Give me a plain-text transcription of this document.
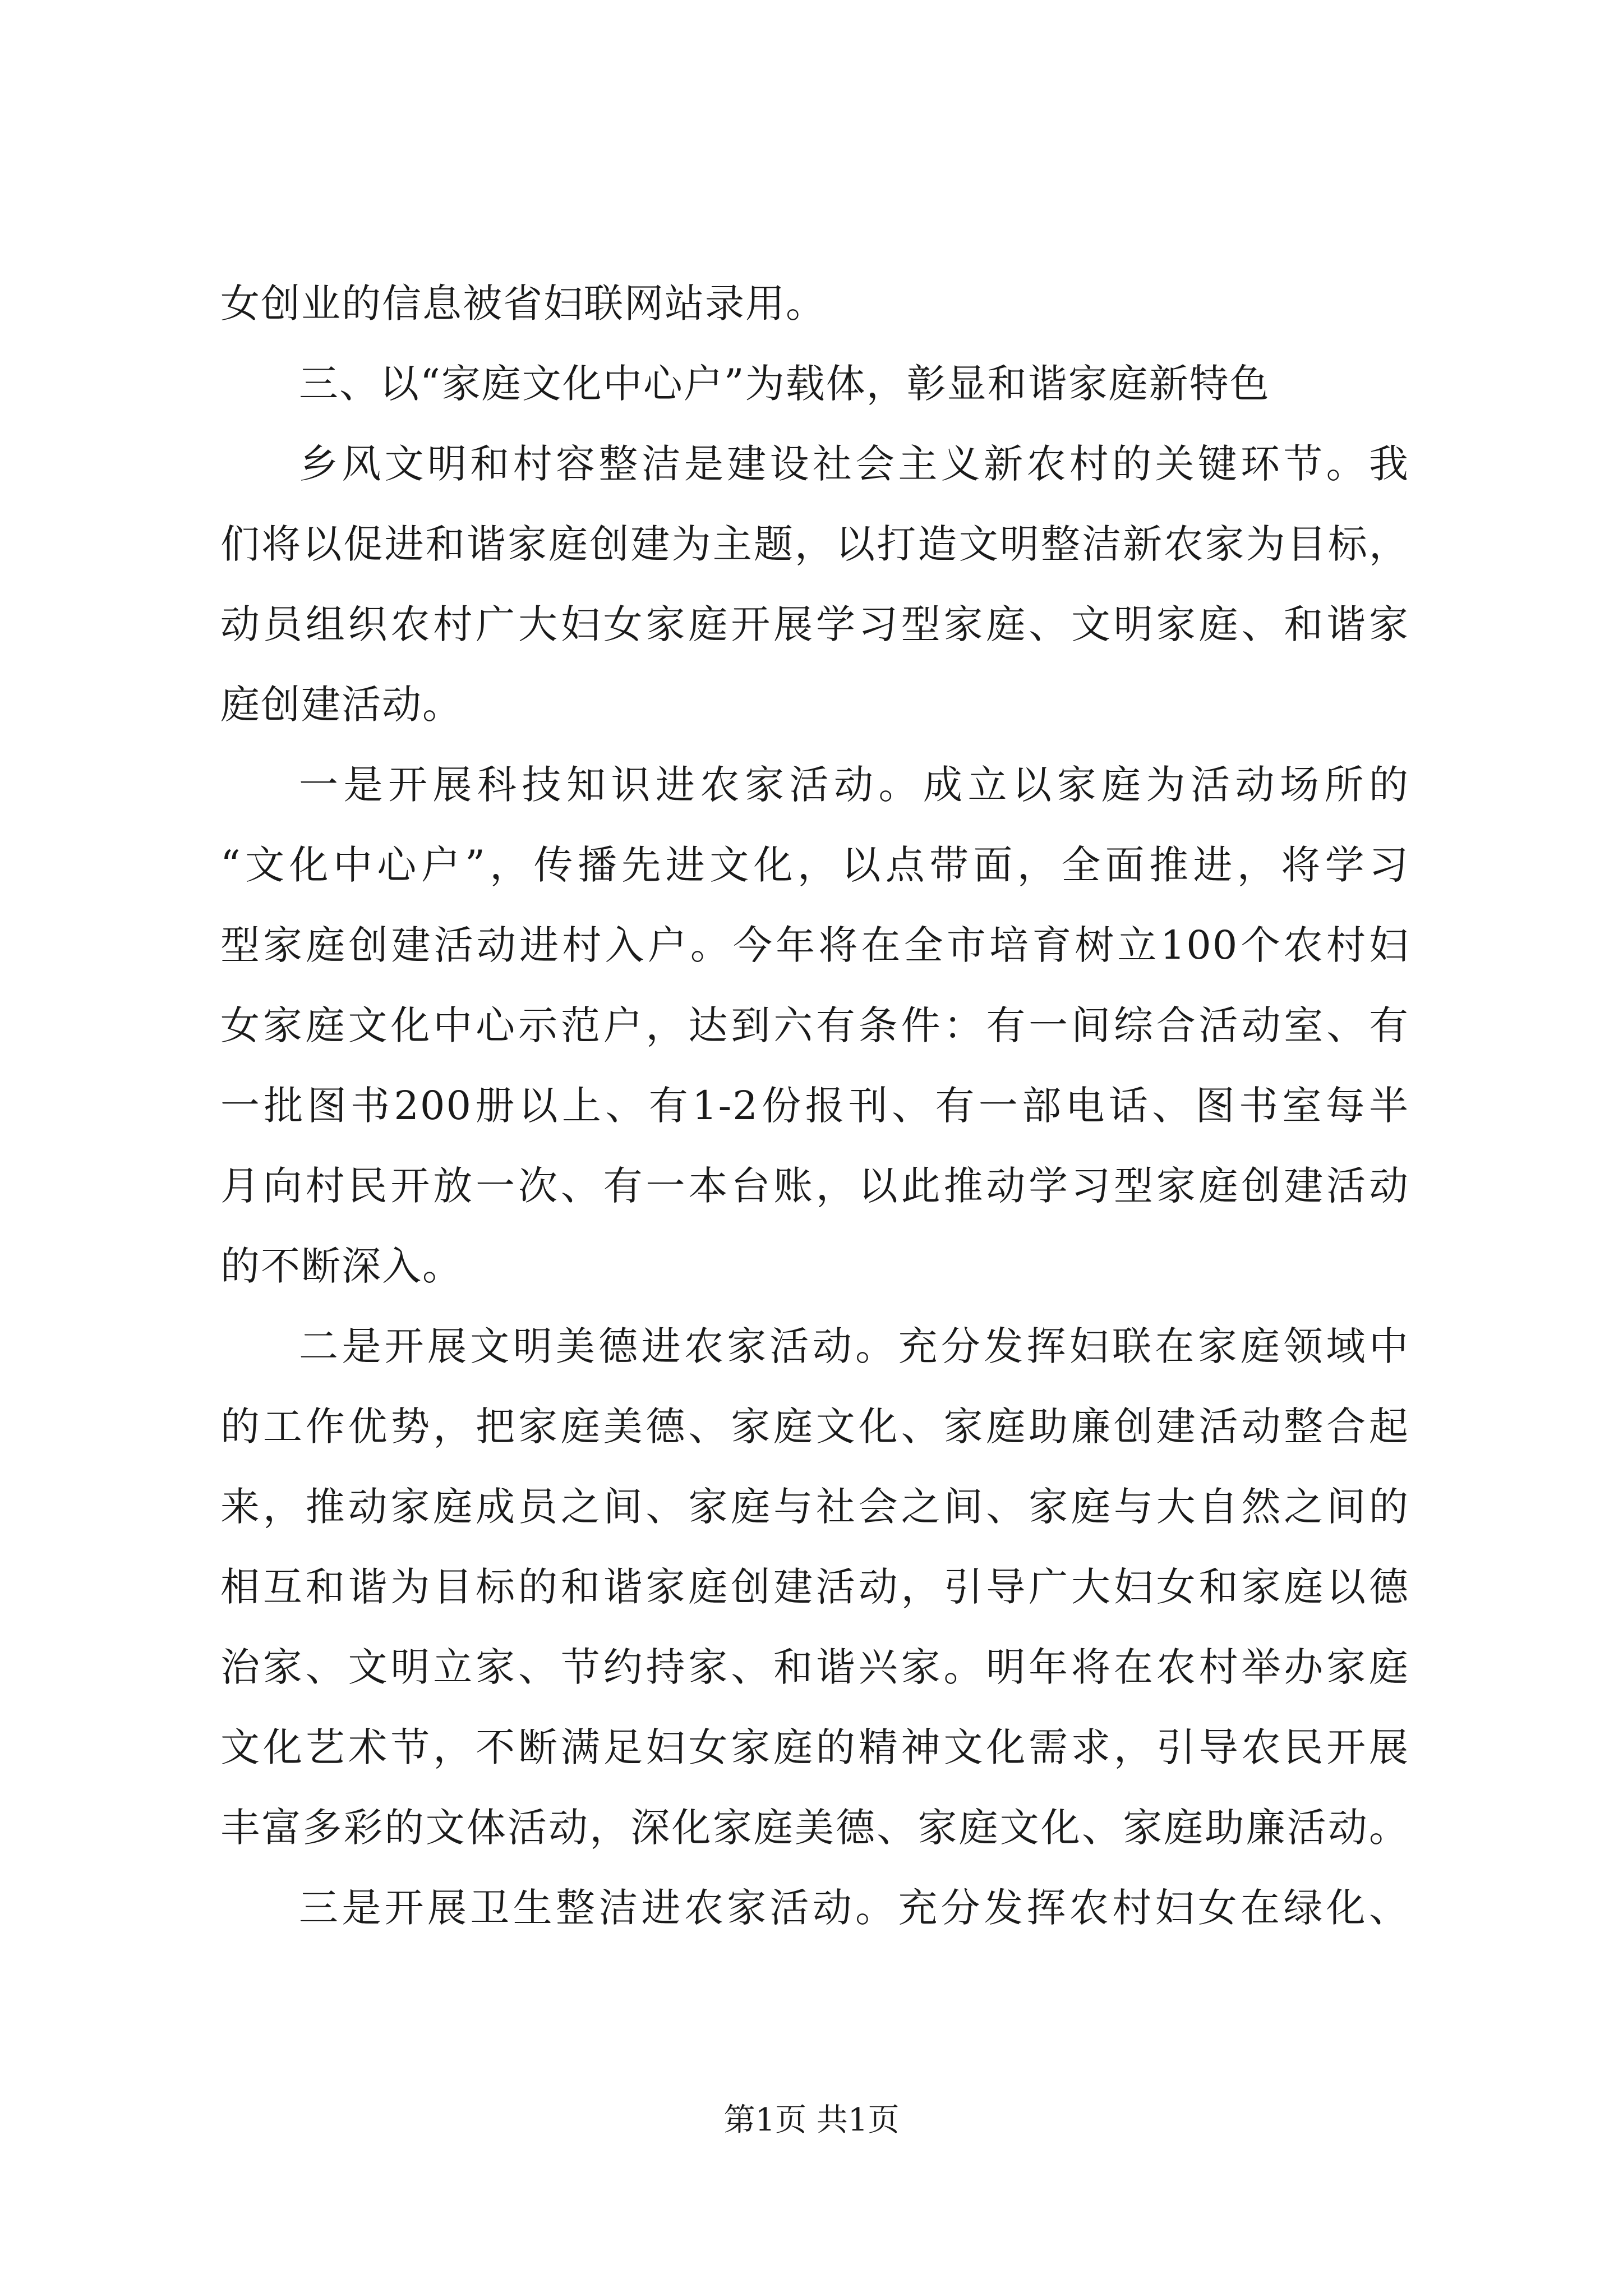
女创业的信息被省妇联网站录用。
三、以“家庭文化中心户”为载体，彰显和谐家庭新特色
乡风文明和村容整洁是建设社会主义新农村的关键环节。我
们将以促进和谐家庭创建为主题，以打造文明整洁新农家为目标，
动员组织农村广大妇女家庭开展学习型家庭、文明家庭、和谐家
庭创建活动。
一是开展科技知识进农家活动。成立以家庭为活动场所的
“文化中心户”，传播先进文化，以点带面，全面推进，将学习
型家庭创建活动进村入户。今年将在全市培育树立100个农村妇
女家庭文化中心示范户，达到六有条件：有一间综合活动室、有
一批图书200册以上、有1-2份报刊、有一部电话、图书室每半
月向村民开放一次、有一本台账，以此推动学习型家庭创建活动
的不断深入。
二是开展文明美德进农家活动。充分发挥妇联在家庭领域中
的工作优势，把家庭美德、家庭文化、家庭助廉创建活动整合起
来，推动家庭成员之间、家庭与社会之间、家庭与大自然之间的
相互和谐为目标的和谐家庭创建活动，引导广大妇女和家庭以德
治家、文明立家、节约持家、和谐兴家。明年将在农村举办家庭
文化艺术节，不断满足妇女家庭的精神文化需求，引导农民开展
丰富多彩的文体活动，深化家庭美德、家庭文化、家庭助廉活动。
三是开展卫生整洁进农家活动。充分发挥农村妇女在绿化、
第1页 共1页
